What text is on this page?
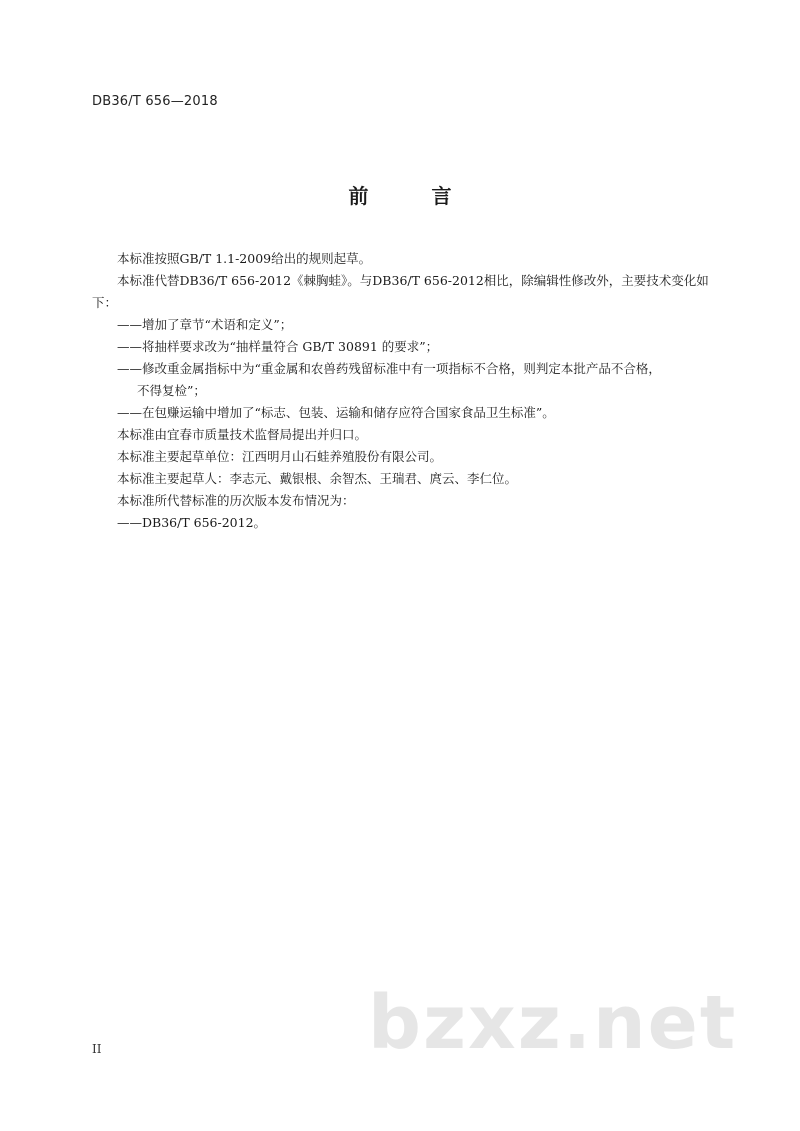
DB36/T 656—2018
前 言

本标准按照GB/T 1.1-2009给出的规则起草。

本标准代替DB36/T 656-2012《棘胸蛙》。与DB36/T 656-2012相比，除编辑性修改外，主要技术变化如下：

——增加了章节“术语和定义”；

——将抽样要求改为“抽样量符合 GB/T 30891 的要求”；

——修改重金属指标中为“重金属和农兽药残留标准中有一项指标不合格，则判定本批产品不合格，

不得复检”；

——在包赚运输中增加了“标志、包装、运输和储存应符合国家食品卫生标准”。

本标准由宜春市质量技术监督局提出并归口。

本标准主要起草单位：江西明月山石蛙养殖股份有限公司。

本标准主要起草人：李志元、戴银根、余智杰、王瑞君、庹云、李仁位。

本标准所代替标准的历次版本发布情况为：

——DB36/T 656-2012。

II	bzxz.net
